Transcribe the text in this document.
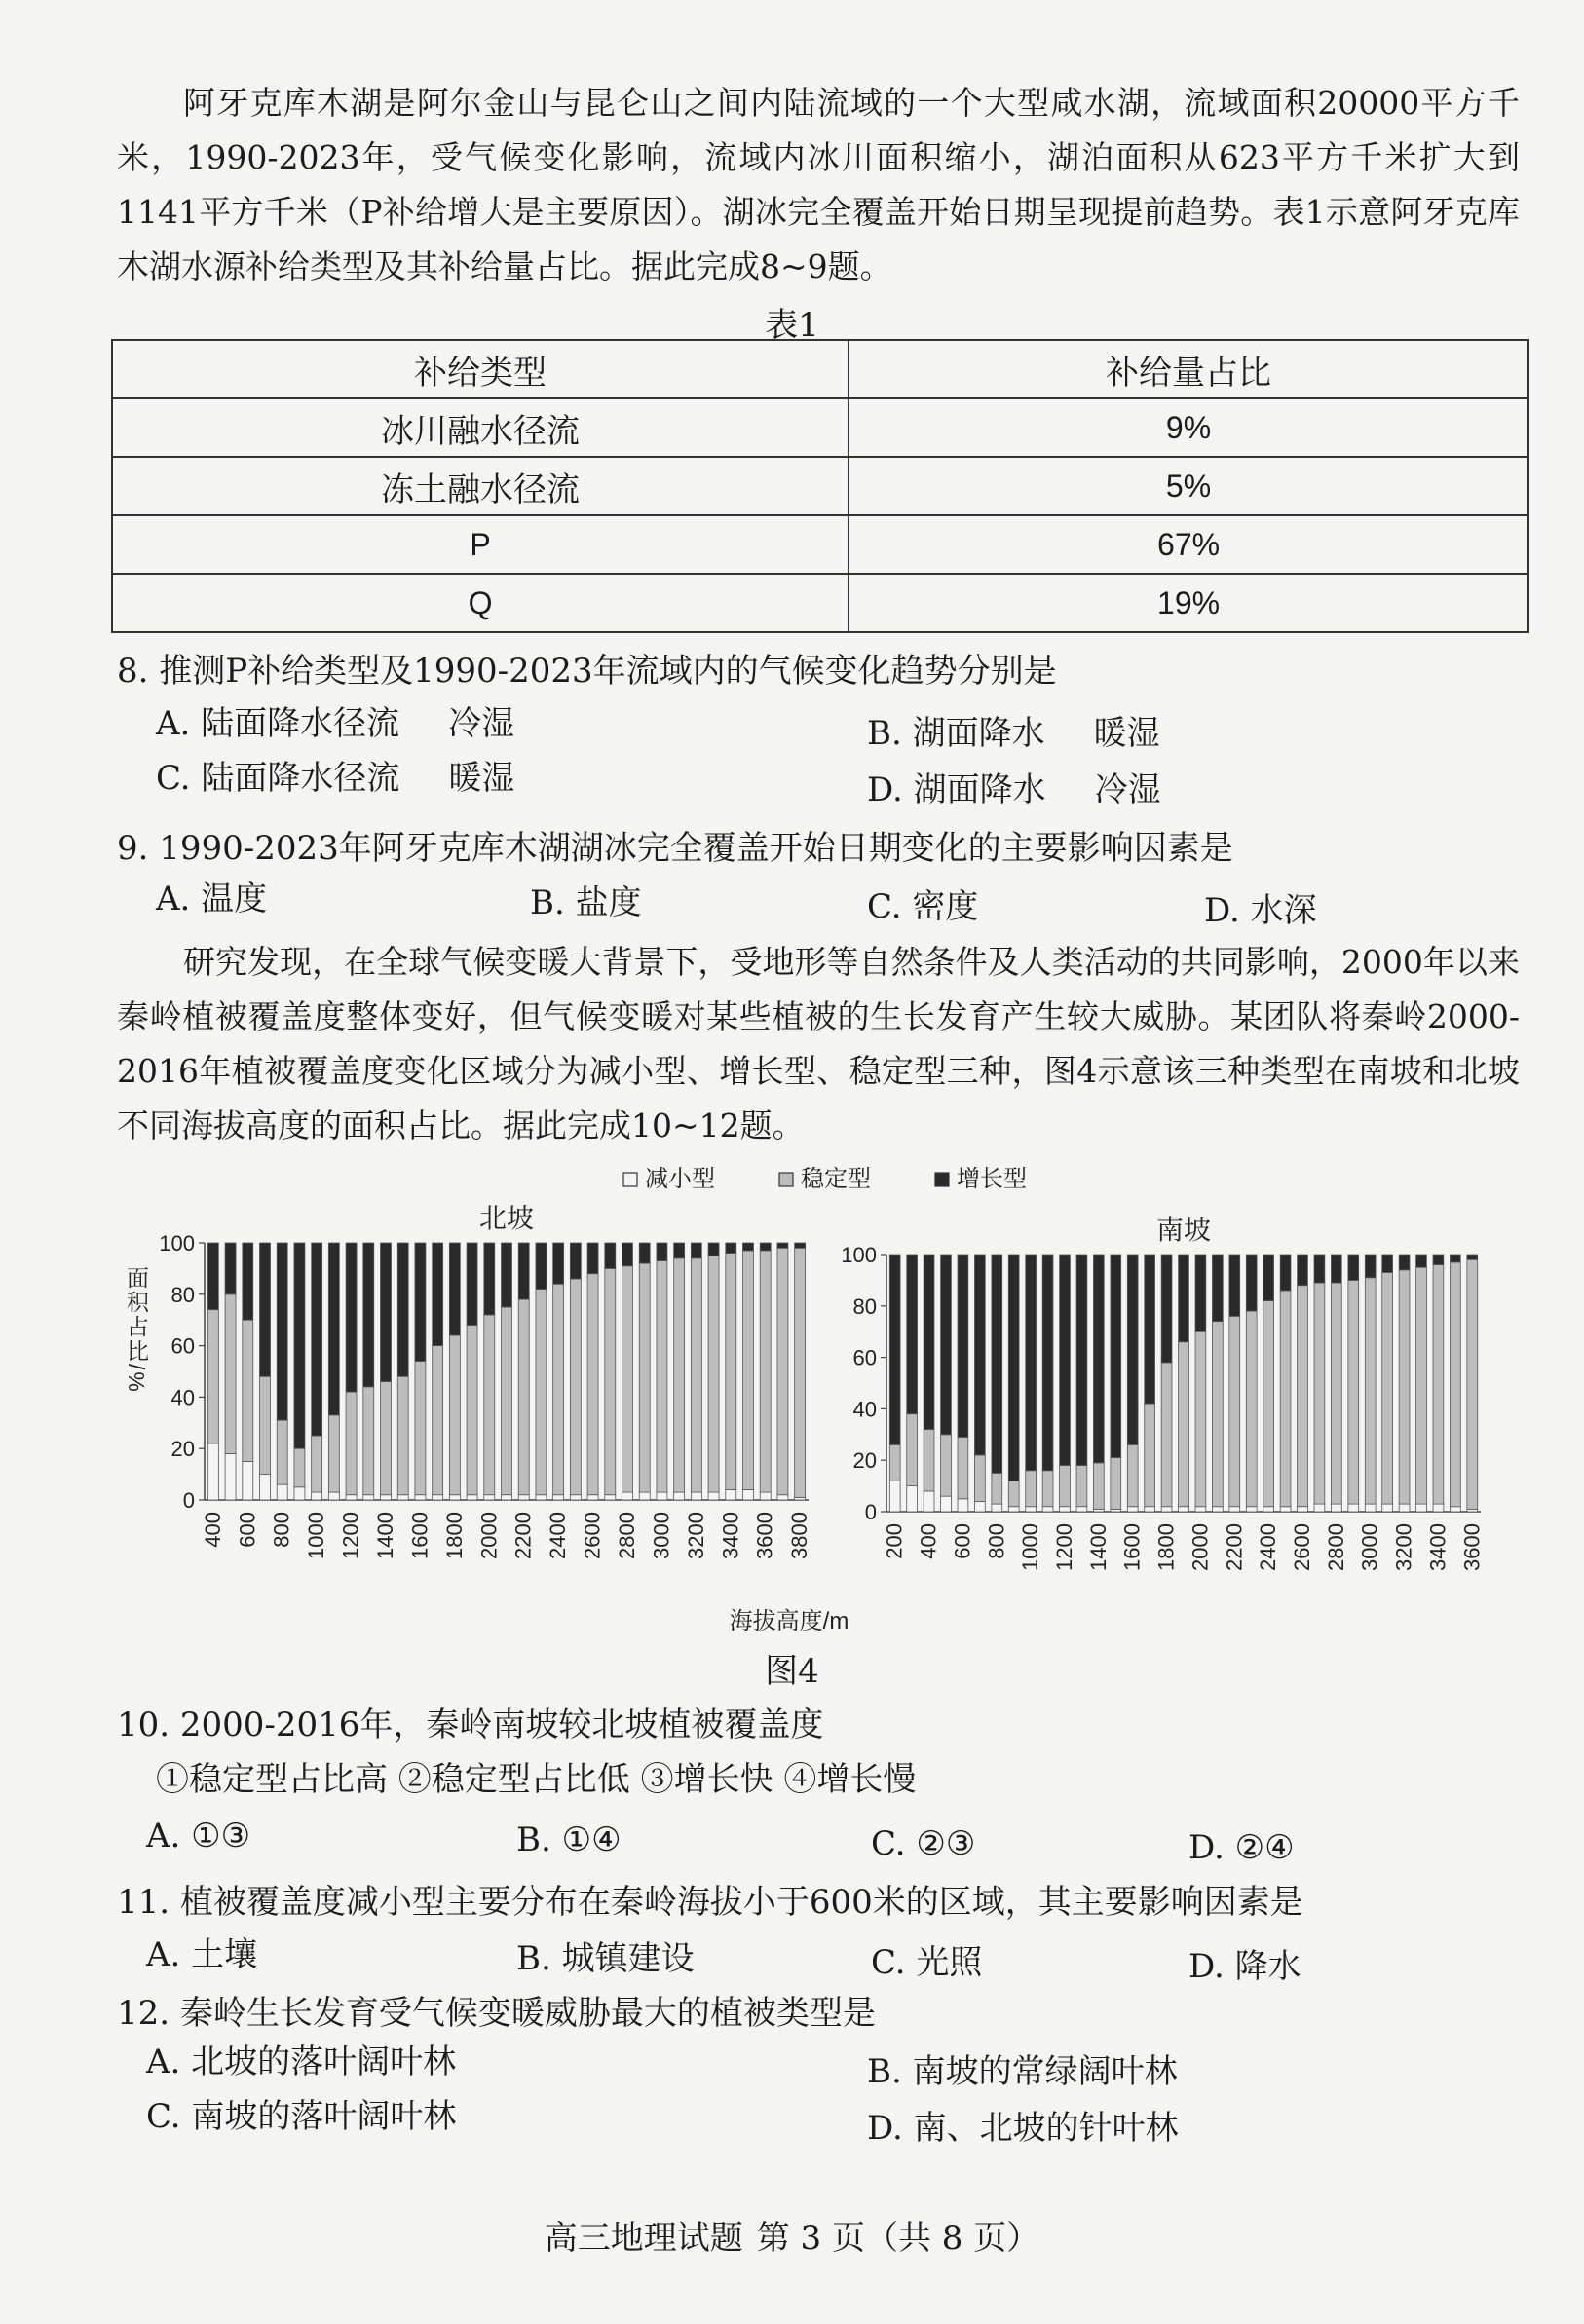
阿牙克库木湖是阿尔金山与昆仑山之间内陆流域的一个大型咸水湖，流域面积20000平方千米，1990-2023年，受气候变化影响，流域内冰川面积缩小，湖泊面积从623平方千米扩大到1141平方千米（P补给增大是主要原因）。湖冰完全覆盖开始日期呈现提前趋势。表1示意阿牙克库木湖水源补给类型及其补给量占比。据此完成8~9题。

表1
补给类型	补给量占比
冰川融水径流	9%
冻土融水径流	5%
P	67%
Q	19%
8. 推测P补给类型及1990-2023年流域内的气候变化趋势分别是
A. 陆面降水径流 冷湿	B. 湖面降水 暖湿
C. 陆面降水径流 暖湿	D. 湖面降水 冷湿
9. 1990-2023年阿牙克库木湖湖冰完全覆盖开始日期变化的主要影响因素是
A. 温度	B. 盐度	C. 密度	D. 水深

研究发现，在全球气候变暖大背景下，受地形等自然条件及人类活动的共同影响，2000年以来秦岭植被覆盖度整体变好，但气候变暖对某些植被的生长发育产生较大威胁。某团队将秦岭2000-2016年植被覆盖度变化区域分为减小型、增长型、稳定型三种，图4示意该三种类型在南坡和北坡不同海拔高度的面积占比。据此完成10~12题。

减小型	稳定型	增长型
面积占比/%
海拔高度/m
北坡
0
20
40
60
80
100
400 600 800 1000 1200 1400 1600 1800 2000 2200 2400 2600 2800 3000 3200 3400 3600 3800
南坡
0
20
40
60
80
100
200 400 600 800 1000 1200 1400 1600 1800 2000 2200 2400 2600 2800 3000 3200 3400 3600
图4
10. 2000-2016年，秦岭南坡较北坡植被覆盖度
①稳定型占比高 ②稳定型占比低 ③增长快 ④增长慢
A. ①③	B. ①④	C. ②③	D. ②④
11. 植被覆盖度减小型主要分布在秦岭海拔小于600米的区域，其主要影响因素是
A. 土壤	B. 城镇建设	C. 光照	D. 降水
12. 秦岭生长发育受气候变暖威胁最大的植被类型是
A. 北坡的落叶阔叶林	B. 南坡的常绿阔叶林
C. 南坡的落叶阔叶林	D. 南、北坡的针叶林
高三地理试题 第 3 页（共 8 页）
